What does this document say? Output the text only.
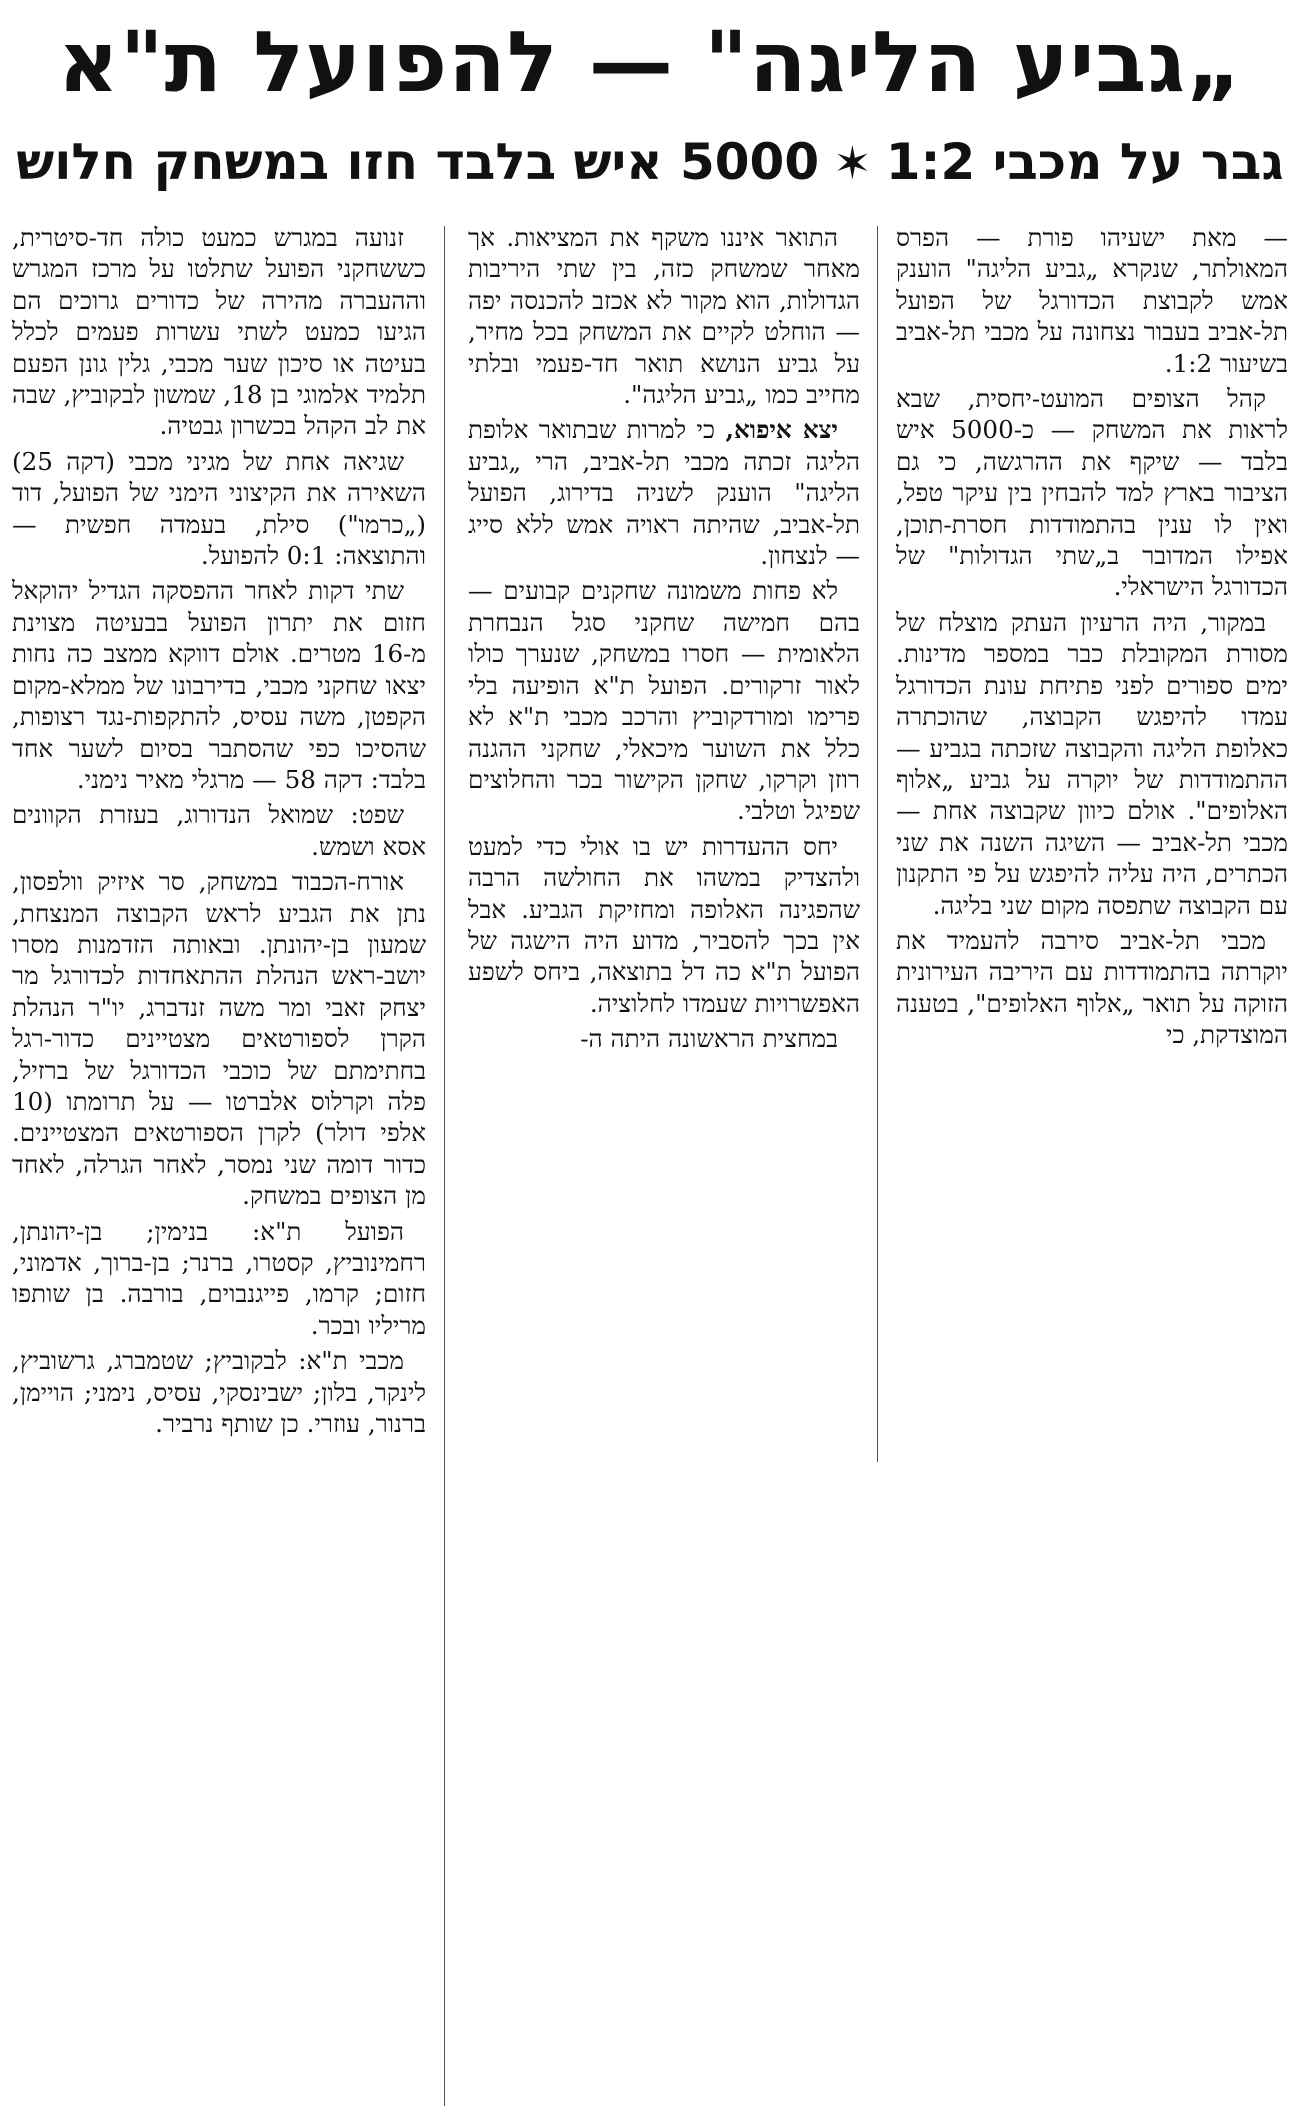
„גביע הליגה" — להפועל ת"א
גבר על מכבי 1:2✶5000 איש בלבד חזו במשחק חלוש

— מאת ישעיהו פורת — הפרס המאולתר, שנקרא „גביע הליגה" הוענק אמש לקבוצת הכדורגל של הפועל תל-אביב בעבור נצחונה על מכבי תל-אביב בשיעור 1:2.

קהל הצופים המועט-יחסית, שבא לראות את המשחק — כ-5000 איש בלבד — שיקף את ההרגשה, כי גם הציבור בארץ למד להבחין בין עיקר טפל, ואין לו ענין בהתמודדות חסרת-תוכן, אפילו המדובר ב„שתי הגדולות" של הכדורגל הישראלי.

במקור, היה הרעיון העתק מוצלח של מסורת המקובלת כבר במספר מדינות. ימים ספורים לפני פתיחת עונת הכדורגל עמדו להיפגש הקבוצה, שהוכתרה כאלופת הליגה והקבוצה שזכתה בגביע — ההתמודדות של יוקרה על גביע „אלוף האלופים". אולם כיוון שקבוצה אחת — מכבי תל-אביב — השיגה השנה את שני הכתרים, היה עליה להיפגש על פי התקנון עם הקבוצה שתפסה מקום שני בליגה.

מכבי תל-אביב סירבה להעמיד את יוקרתה בהתמודדות עם היריבה העירונית הזוקה על תואר „אלוף האלופים", בטענה המוצדקת, כי

התואר איננו משקף את המציאות. אך מאחר שמשחק כזה, בין שתי היריבות הגדולות, הוא מקור לא אכזב להכנסה יפה — הוחלט לקיים את המשחק בכל מחיר, על גביע הנושא תואר חד-פעמי ובלתי מחייב כמו „גביע הליגה".

יצא איפוא, כי למרות שבתואר אלופת הליגה זכתה מכבי תל-אביב, הרי „גביע הליגה" הוענק לשניה בדירוג, הפועל תל-אביב, שהיתה ראויה אמש ללא סייג — לנצחון.

לא פחות משמונה שחקנים קבועים — בהם חמישה שחקני סגל הנבחרת הלאומית — חסרו במשחק, שנערך כולו לאור זרקורים. הפועל ת"א הופיעה בלי פרימו ומורדקוביץ והרכב מכבי ת"א לא כלל את השוער מיכאלי, שחקני ההגנה רוזן וקרקו, שחקן הקישור בכר והחלוצים שפיגל וטלבי.

יחס ההעדרות יש בו אולי כדי למעט ולהצדיק במשהו את החולשה הרבה שהפגינה האלופה ומחזיקת הגביע. אבל אין בכך להסביר, מדוע היה הישגה של הפועל ת"א כה דל בתוצאה, ביחס לשפע האפשרויות שעמדו לחלוציה.

במחצית הראשונה היתה ה-

זנועה במגרש כמעט כולה חד-סיטרית, כששחקני הפועל שתלטו על מרכז המגרש וההעברה מהירה של כדורים גרוכים הם הגיעו כמעט לשתי עשרות פעמים לכלל בעיטה או סיכון שער מכבי, גלין גונן הפעם תלמיד אלמוגי בן 18, שמשון לבקוביץ, שבה את לב הקהל בכשרון גבטיה.

שגיאה אחת של מגיני מכבי (דקה 25) השאירה את הקיצוני הימני של הפועל, דוד („כרמו") סילת, בעמדה חפשית — והתוצאה: 0:1 להפועל.

שתי דקות לאחר ההפסקה הגדיל יהוקאל חזום את יתרון הפועל בבעיטה מצוינת מ-16 מטרים. אולם דווקא ממצב כה נחות יצאו שחקני מכבי, בדירבונו של ממלא-מקום הקפטן, משה עסיס, להתקפות-נגד רצופות, שהסיכו כפי שהסתבר בסיום לשער אחד בלבד: דקה 58 — מרגלי מאיר נימני.

שפט: שמואל הנדורוג, בעזרת הקוונים אסא ושמש.

אורח-הכבוד במשחק, סר איזיק וולפסון, נתן את הגביע לראש הקבוצה המנצחת, שמעון בן-יהונתן. ובאותה הזדמנות מסרו יושב-ראש הנהלת ההתאחדות לכדורגל מר יצחק זאבי ומר משה זנדברג, יו"ר הנהלת הקרן לספורטאים מצטיינים כדור-רגל בחתימתם של כוכבי הכדורגל של ברזיל, פלה וקרלוס אלברטו — על תרומתו (10 אלפי דולר) לקרן הספורטאים המצטיינים. כדור דומה שני נמסר, לאחר הגרלה, לאחד מן הצופים במשחק.

הפועל ת"א: בנימין; בן-יהונתן, רחמינוביץ, קסטרו, ברנר; בן-ברוך, אדמוני, חזום; קרמו, פייגנבוים, בורבה. בן שותפו מריליו ובכר.

מכבי ת"א: לבקוביץ; שטמברג, גרשוביץ, לינקר, בלון; ישבינסקי, עסיס, נימני; הויימן, ברנור, עוזרי. כן שותף נרביר.
